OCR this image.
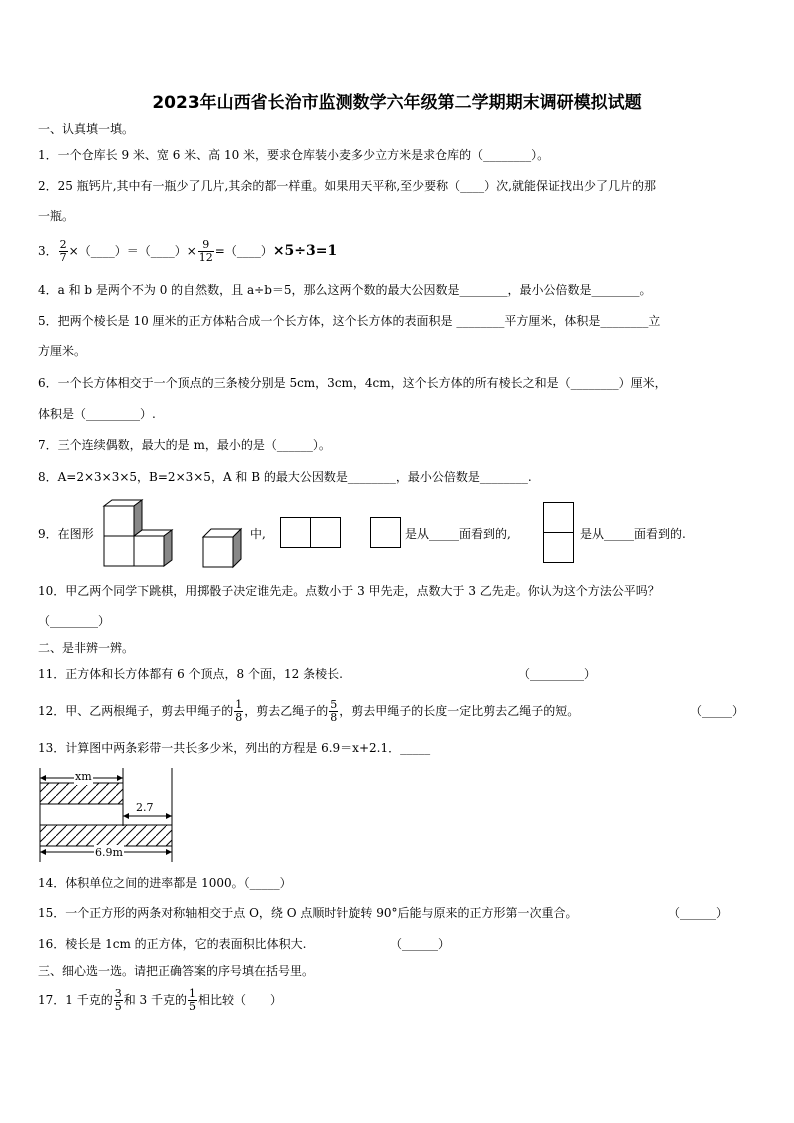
2023年山西省长治市监测数学六年级第二学期期末调研模拟试题
一、认真填一填。
1．一个仓库长 9 米、宽 6 米、高 10 米，要求仓库装小麦多少立方米是求仓库的（________）。
2．25 瓶钙片,其中有一瓶少了几片,其余的都一样重。如果用天平称,至少要称（____）次,就能保证找出少了几片的那
一瓶。
3． $\frac{2}{7}$ ×（____）＝（____）× $\frac{9}{12}$ =（____）×5÷3=1
4．a 和 b 是两个不为 0 的自然数，且 a÷b＝5，那么这两个数的最大公因数是________，最小公倍数是________。
5．把两个棱长是 10 厘米的正方体粘合成一个长方体，这个长方体的表面积是 ________平方厘米，体积是________立
方厘米。
6．一个长方体相交于一个顶点的三条棱分别是 5cm，3cm，4cm，这个长方体的所有棱长之和是（________）厘米，
体积是（_________）.
7．三个连续偶数，最大的是 m，最小的是（______）。
8．A=2×3×3×5，B=2×3×5，A 和 B 的最大公因数是________，最小公倍数是________.
9．在图形	中,	是从_____面看到的,	是从_____面看到的.
10．甲乙两个同学下跳棋，用掷骰子决定谁先走。点数小于 3 甲先走，点数大于 3 乙先走。你认为这个方法公平吗？
（________）
二、是非辨一辨。
11．正方体和长方体都有 6 个顶点，8 个面，12 条棱长.	（_________）
12．甲、乙两根绳子，剪去甲绳子的 $\frac{1}{8}$ ，剪去乙绳子的 $\frac{5}{8}$ ，剪去甲绳子的长度一定比剪去乙绳子的短。	（_____）
13．计算图中两条彩带一共长多少米，列出的方程是 6.9＝x+2.1．_____
xm
2.7
6.9m
14．体积单位之间的进率都是 1000。（_____）
15．一个正方形的两条对称轴相交于点 O，绕 O 点顺时针旋转 90°后能与原来的正方形第一次重合。	（______）
16．棱长是 1cm 的正方体，它的表面积比体积大.	（______）
三、细心选一选。请把正确答案的序号填在括号里。
17．1 千克的 $\frac{3}{5}$ 和 3 千克的 $\frac{1}{5}$ 相比较（　　）
